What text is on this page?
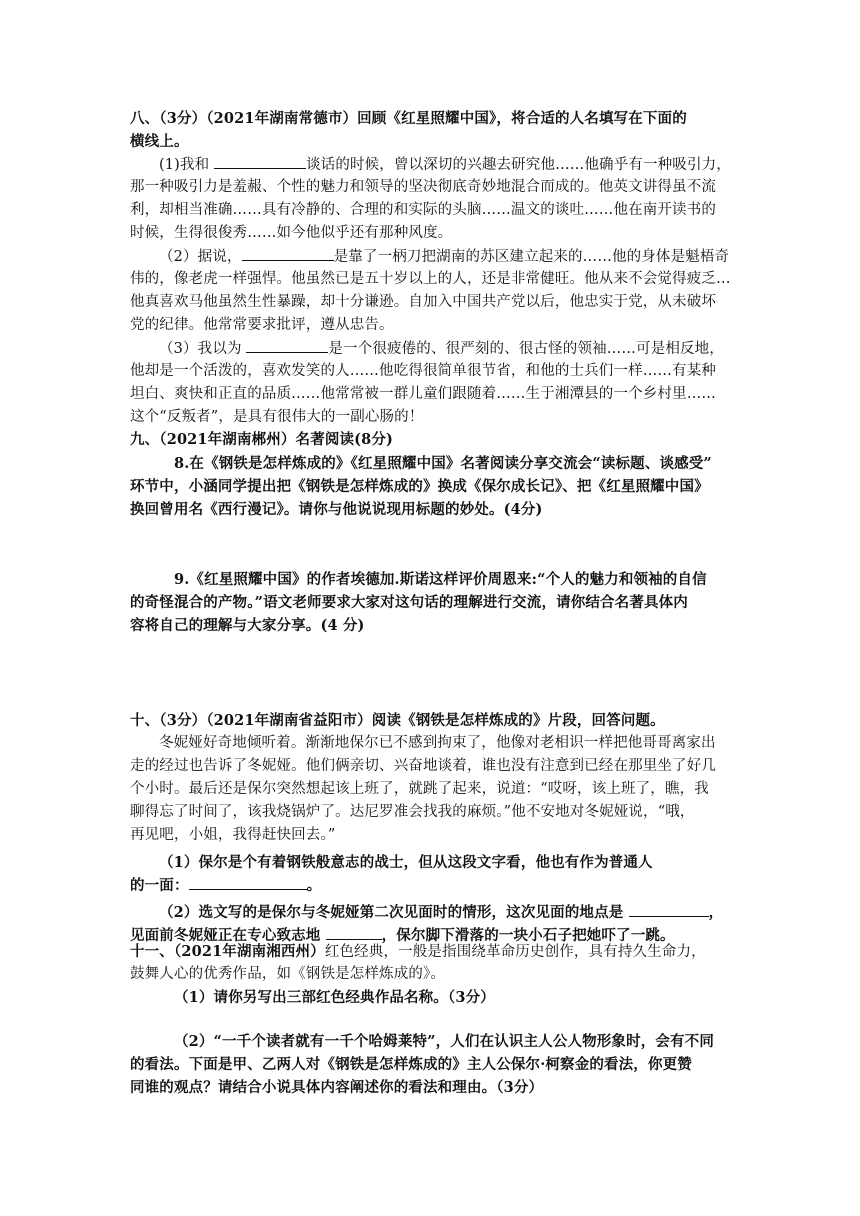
八、（3分）（2021年湖南常德市）回顾《红星照耀中国》，将合适的人名填写在下面的
横线上。
(1)我和	谈话的时候，曾以深切的兴趣去研究他……他确乎有一种吸引力，
那一种吸引力是羞赧、个性的魅力和领导的坚决彻底奇妙地混合而成的。他英文讲得虽不流
利，却相当准确……具有冷静的、合理的和实际的头脑……温文的谈吐……他在南开读书的
时候，生得很俊秀……如今他似乎还有那种风度。
（2）据说，	是靠了一柄刀把湖南的苏区建立起来的……他的身体是魁梧奇
伟的，像老虎一样强悍。他虽然已是五十岁以上的人，还是非常健旺。他从来不会觉得疲乏…
他真喜欢马他虽然生性暴躁，却十分谦逊。自加入中国共产党以后，他忠实于党，从未破坏
党的纪律。他常常要求批评，遵从忠告。
（3）我以为	是一个很疲倦的、很严刻的、很古怪的领袖……可是相反地，
他却是一个活泼的，喜欢发笑的人……他吃得很简单很节省，和他的士兵们一样……有某种
坦白、爽快和正直的品质……他常常被一群儿童们跟随着……生于湘潭县的一个乡村里……
这个“反叛者”，是具有很伟大的一副心肠的！
九、（2021年湖南郴州）名著阅读(8分)
8.在《钢铁是怎样炼成的》《红星照耀中国》名著阅读分享交流会“读标题、谈感受”
环节中，小涵同学提出把《钢铁是怎样炼成的》换成《保尔成长记》、把《红星照耀中国》
换回曾用名《西行漫记》。请你与他说说现用标题的妙处。(4分)
9.《红星照耀中国》的作者埃德加.斯诺这样评价周恩来:“个人的魅力和领袖的自信
的奇怪混合的产物。”语文老师要求大家对这句话的理解进行交流，请你结合名著具体内
容将自己的理解与大家分享。(4 分)
十、（3分）（2021年湖南省益阳市）阅读《钢铁是怎样炼成的》片段，回答问题。
冬妮娅好奇地倾听着。渐渐地保尔已不感到拘束了，他像对老相识一样把他哥哥离家出
走的经过也告诉了冬妮娅。他们俩亲切、兴奋地谈着，谁也没有注意到已经在那里坐了好几
个小时。最后还是保尔突然想起该上班了，就跳了起来，说道：“哎呀，该上班了，瞧，我
聊得忘了时间了，该我烧锅炉了。达尼罗准会找我的麻烦。”他不安地对冬妮娅说，“哦，
再见吧，小姐，我得赶快回去。”
（1）保尔是个有着钢铁般意志的战士，但从这段文字看，他也有作为普通人
的一面：	。
（2）选文写的是保尔与冬妮娅第二次见面时的情形，这次见面的地点是	，
见面前冬妮娅正在专心致志地	，保尔脚下滑落的一块小石子把她吓了一跳。
十一、（2021年湖南湘西州）红色经典，一般是指围绕革命历史创作，具有持久生命力，
鼓舞人心的优秀作品，如《钢铁是怎样炼成的》。
（1）请你另写出三部红色经典作品名称。（3分）
（2）“一千个读者就有一千个哈姆莱特”，人们在认识主人公人物形象时，会有不同
的看法。下面是甲、乙两人对《钢铁是怎样炼成的》主人公保尔·柯察金的看法，你更赞
同谁的观点？请结合小说具体内容阐述你的看法和理由。（3分）
